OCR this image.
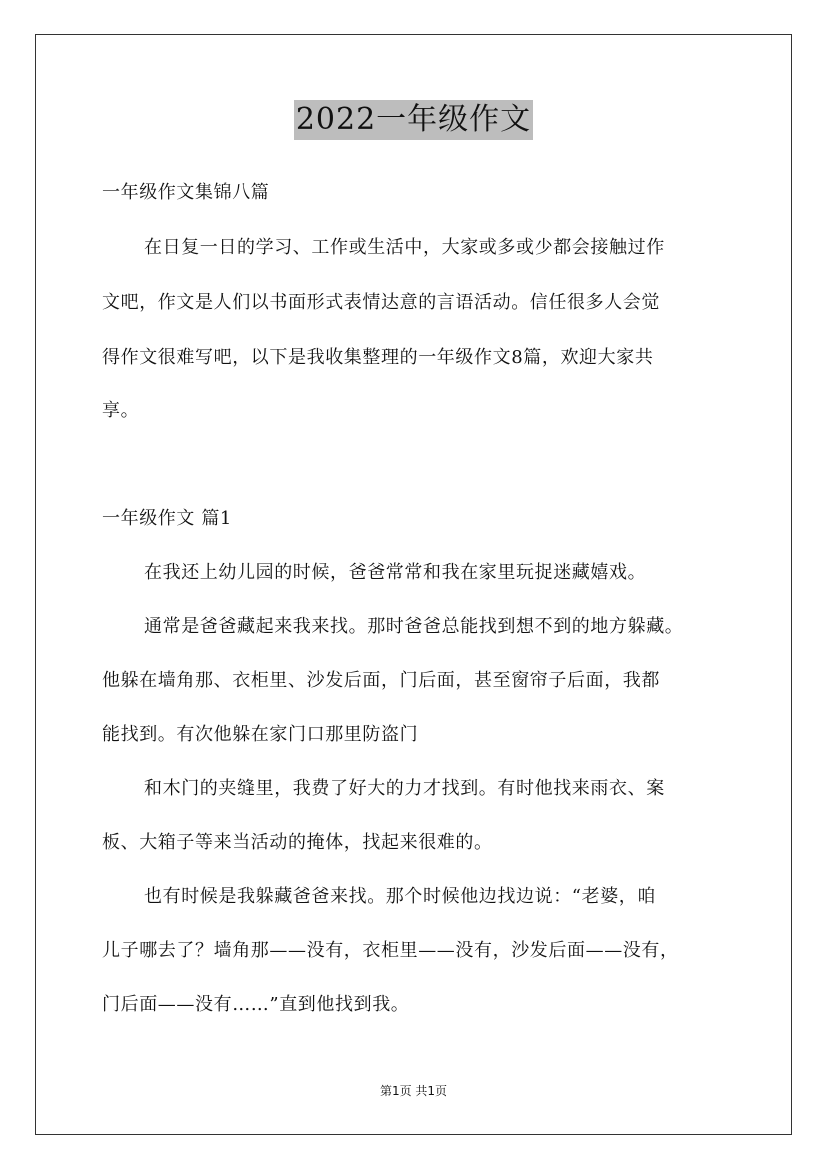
2022一年级作文
一年级作文集锦八篇
在日复一日的学习、工作或生活中，大家或多或少都会接触过作
文吧，作文是人们以书面形式表情达意的言语活动。信任很多人会觉
得作文很难写吧，以下是我收集整理的一年级作文8篇，欢迎大家共
享。
一年级作文 篇1
在我还上幼儿园的时候，爸爸常常和我在家里玩捉迷藏嬉戏。
通常是爸爸藏起来我来找。那时爸爸总能找到想不到的地方躲藏。
他躲在墙角那、衣柜里、沙发后面，门后面，甚至窗帘子后面，我都
能找到。有次他躲在家门口那里防盗门
和木门的夹缝里，我费了好大的力才找到。有时他找来雨衣、案
板、大箱子等来当活动的掩体，找起来很难的。
也有时候是我躲藏爸爸来找。那个时候他边找边说：“老婆，咱
儿子哪去了？墙角那——没有，衣柜里——没有，沙发后面——没有，
门后面——没有……”直到他找到我。
第1页 共1页
